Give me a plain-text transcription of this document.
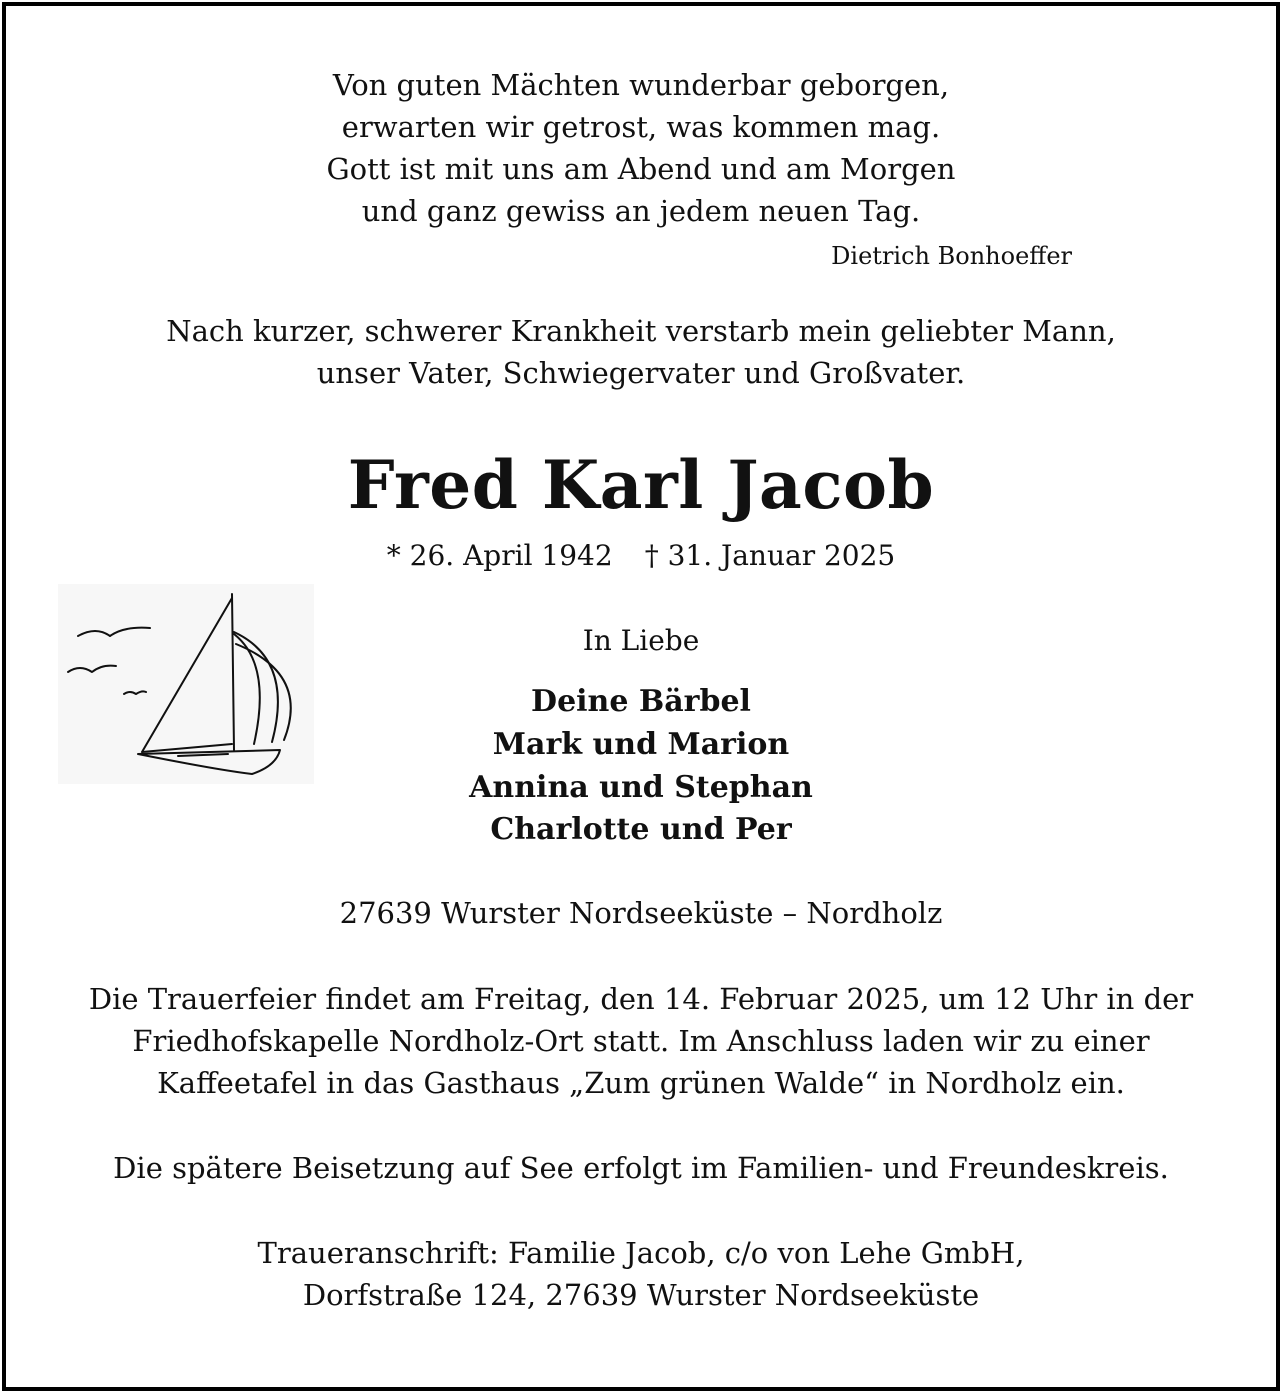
Von guten Mächten wunderbar geborgen,
erwarten wir getrost, was kommen mag.
Gott ist mit uns am Abend und am Morgen
und ganz gewiss an jedem neuen Tag.
Dietrich Bonhoeffer
Nach kurzer, schwerer Krankheit verstarb mein geliebter Mann,
unser Vater, Schwiegervater und Großvater.
Fred Karl Jacob
* 26. April 1942 † 31. Januar 2025
In Liebe
Deine Bärbel
Mark und Marion
Annina und Stephan
Charlotte und Per
27639 Wurster Nordseeküste – Nordholz
Die Trauerfeier findet am Freitag, den 14. Februar 2025, um 12 Uhr in der
Friedhofskapelle Nordholz-Ort statt. Im Anschluss laden wir zu einer
Kaffeetafel in das Gasthaus „Zum grünen Walde“ in Nordholz ein.
Die spätere Beisetzung auf See erfolgt im Familien- und Freundeskreis.
Traueranschrift: Familie Jacob, c/o von Lehe GmbH,
Dorfstraße 124, 27639 Wurster Nordseeküste
